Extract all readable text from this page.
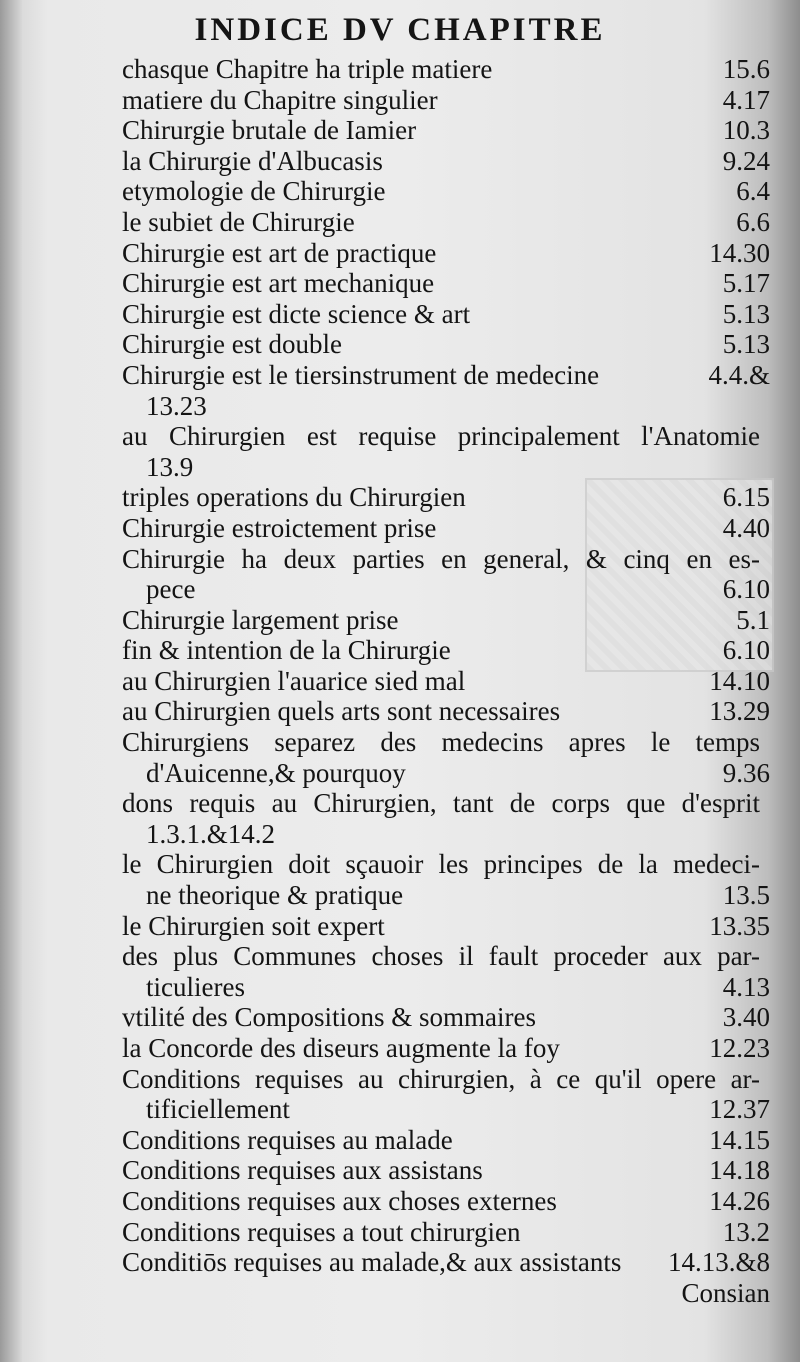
INDICE DV CHAPITRE
chasque Chapitre ha triple matiere	15.6
matiere du Chapitre singulier	4.17
Chirurgie brutale de Iamier	10.3
la Chirurgie d'Albucasis	9.24
etymologie de Chirurgie	6.4
le subiet de Chirurgie	6.6
Chirurgie est art de practique	14.30
Chirurgie est art mechanique	5.17
Chirurgie est dicte science & art	5.13
Chirurgie est double	5.13
Chirurgie est le tiersinstrument de medecine	4.4.&
13.23
au Chirurgien est requise principalement l'Anatomie
13.9
triples operations du Chirurgien	6.15
Chirurgie estroictement prise	4.40
Chirurgie ha deux parties en general, & cinq en es-
pece	6.10
Chirurgie largement prise	5.1
fin & intention de la Chirurgie	6.10
au Chirurgien l'auarice sied mal	14.10
au Chirurgien quels arts sont necessaires	13.29
Chirurgiens separez des medecins apres le temps
d'Auicenne,& pourquoy	9.36
dons requis au Chirurgien, tant de corps que d'esprit
1.3.1.&14.2
le Chirurgien doit sçauoir les principes de la medeci-
ne theorique & pratique	13.5
le Chirurgien soit expert	13.35
des plus Communes choses il fault proceder aux par-
ticulieres	4.13
vtilité des Compositions & sommaires	3.40
la Concorde des diseurs augmente la foy	12.23
Conditions requises au chirurgien, à ce qu'il opere ar-
tificiellement	12.37
Conditions requises au malade	14.15
Conditions requises aux assistans	14.18
Conditions requises aux choses externes	14.26
Conditions requises a tout chirurgien	13.2
Conditiōs requises au malade,& aux assistants	14.13.&8
Consian
